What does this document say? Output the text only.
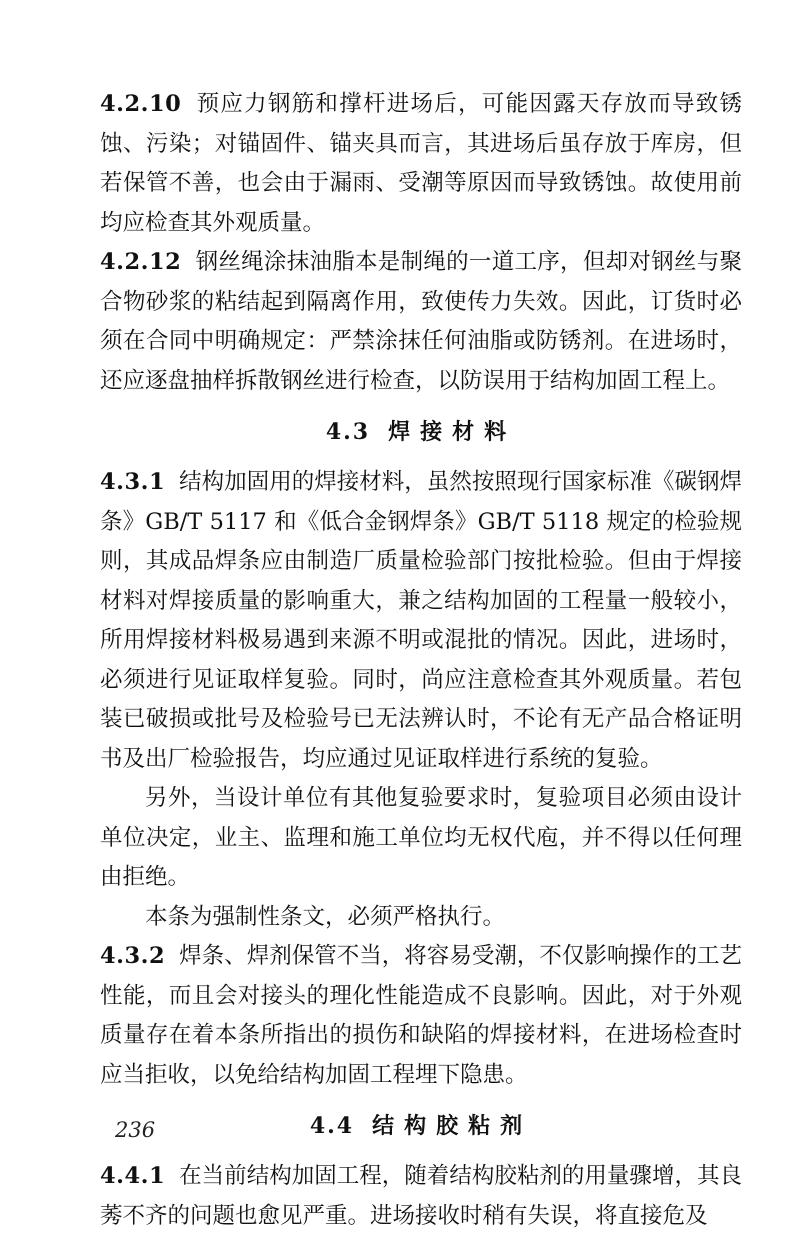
4.2.10 预应力钢筋和撑杆进场后，可能因露天存放而导致锈蚀、污染；对锚固件、锚夹具而言，其进场后虽存放于库房，但若保管不善，也会由于漏雨、受潮等原因而导致锈蚀。故使用前均应检查其外观质量。

4.2.12 钢丝绳涂抹油脂本是制绳的一道工序，但却对钢丝与聚合物砂浆的粘结起到隔离作用，致使传力失效。因此，订货时必须在合同中明确规定：严禁涂抹任何油脂或防锈剂。在进场时，还应逐盘抽样拆散钢丝进行检查，以防误用于结构加固工程上。

4.3 焊接材料

4.3.1 结构加固用的焊接材料，虽然按照现行国家标准《碳钢焊条》GB/T 5117 和《低合金钢焊条》GB/T 5118 规定的检验规则，其成品焊条应由制造厂质量检验部门按批检验。但由于焊接材料对焊接质量的影响重大，兼之结构加固的工程量一般较小，所用焊接材料极易遇到来源不明或混批的情况。因此，进场时，必须进行见证取样复验。同时，尚应注意检查其外观质量。若包装已破损或批号及检验号已无法辨认时，不论有无产品合格证明书及出厂检验报告，均应通过见证取样进行系统的复验。

另外，当设计单位有其他复验要求时，复验项目必须由设计单位决定，业主、监理和施工单位均无权代庖，并不得以任何理由拒绝。

本条为强制性条文，必须严格执行。

4.3.2 焊条、焊剂保管不当，将容易受潮，不仅影响操作的工艺性能，而且会对接头的理化性能造成不良影响。因此，对于外观质量存在着本条所指出的损伤和缺陷的焊接材料，在进场检查时应当拒收，以免给结构加固工程埋下隐患。

4.4 结构胶粘剂

4.4.1 在当前结构加固工程，随着结构胶粘剂的用量骤增，其良莠不齐的问题也愈见严重。进场接收时稍有失误，将直接危及

236
